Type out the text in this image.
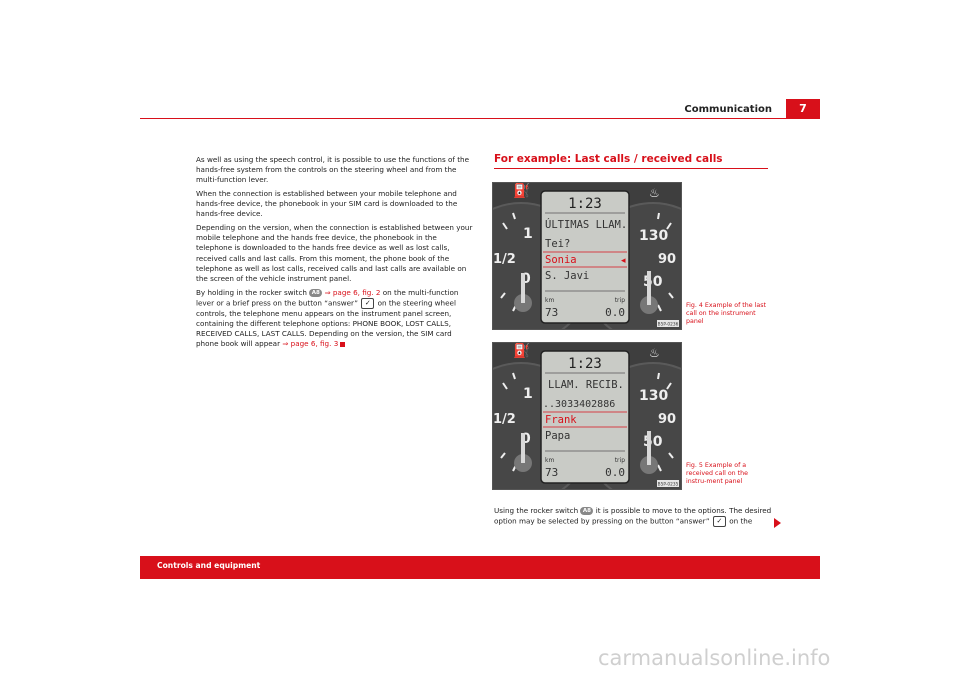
Communication	7

As well as using the speech control, it is possible to use the functions of the hands-free system from the controls on the steering wheel and from the multi-function lever.

When the connection is established between your mobile telephone and hands-free device, the phonebook in your SIM card is downloaded to the hands-free device.

Depending on the version, when the connection is established between your mobile telephone and the hands free device, the phonebook in the telephone is downloaded to the hands free device as well as lost calls, received calls and last calls. From this moment, the phone book of the telephone as well as lost calls, received calls and last calls are available on the screen of the vehicle instrument panel.

By holding in the rocker switch A8 ⇒ page 6, fig. 2 on the multi-function lever or a brief press on the button “answer” ✓ on the steering wheel controls, the telephone menu appears on the instrument panel screen, containing the different telephone options: PHONE BOOK, LOST CALLS, RECEIVED CALLS, LAST CALLS. Depending on the version, the SIM card phone book will appear ⇒ page 6, fig. 3

For example: Last calls / received calls
⛽
1
1/2
0
♨
130
90
50
1:23
ÚLTIMAS LLAM.
Tei?
Sonia	◂
S. Javi
km	trip
73	0.0
B5P-0236
Fig. 4 Example of the last call on the instrument panel
⛽
1
1/2
0
♨
130
90
50
1:23
LLAM. RECIB.
..3033402886
Frank
Papa
km	trip
73	0.0
B5P-0235
Fig. 5 Example of a received call on the instru-ment panel
Using the rocker switch A8 it is possible to move to the options. The desired option may be selected by pressing on the button “answer” ✓ on the
Controls and equipment
carmanualsonline.info
